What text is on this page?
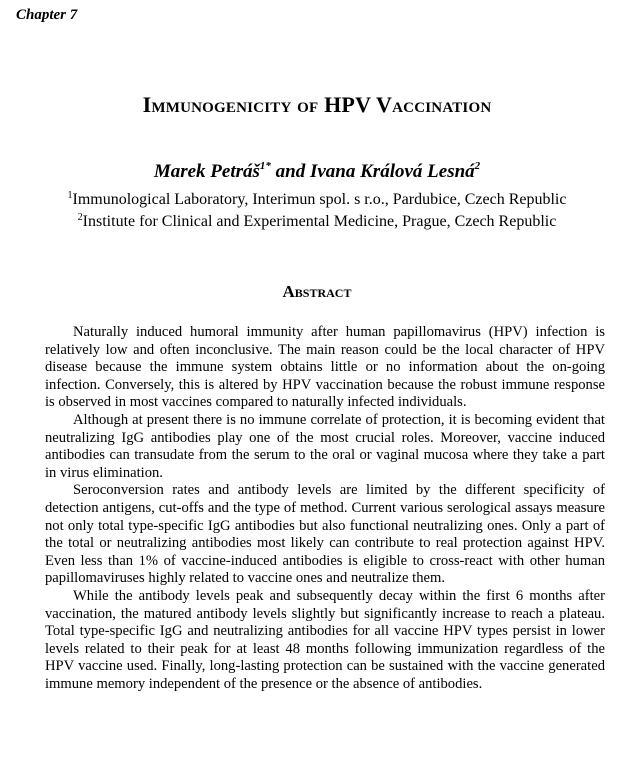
Chapter 7
Immunogenicity of HPV Vaccination
Marek Petráš$^{1*}$ and Ivana Králová Lesná$^2$
$^1$Immunological Laboratory, Interimun spol. s r.o., Pardubice, Czech Republic
$^2$Institute for Clinical and Experimental Medicine, Prague, Czech Republic
Abstract

Naturally induced humoral immunity after human papillomavirus (HPV) infection is relatively low and often inconclusive. The main reason could be the local character of HPV disease because the immune system obtains little or no information about the on-going infection. Conversely, this is altered by HPV vaccination because the robust immune response is observed in most vaccines compared to naturally infected individuals.

Although at present there is no immune correlate of protection, it is becoming evident that neutralizing IgG antibodies play one of the most crucial roles. Moreover, vaccine induced antibodies can transudate from the serum to the oral or vaginal mucosa where they take a part in virus elimination.

Seroconversion rates and antibody levels are limited by the different specificity of detection antigens, cut-offs and the type of method. Current various serological assays measure not only total type-specific IgG antibodies but also functional neutralizing ones. Only a part of the total or neutralizing antibodies most likely can contribute to real protection against HPV. Even less than 1% of vaccine-induced antibodies is eligible to cross-react with other human papillomaviruses highly related to vaccine ones and neutralize them.

While the antibody levels peak and subsequently decay within the first 6 months after vaccination, the matured antibody levels slightly but significantly increase to reach a plateau. Total type-specific IgG and neutralizing antibodies for all vaccine HPV types persist in lower levels related to their peak for at least 48 months following immunization regardless of the HPV vaccine used. Finally, long-lasting protection can be sustained with the vaccine generated immune memory independent of the presence or the absence of antibodies.
